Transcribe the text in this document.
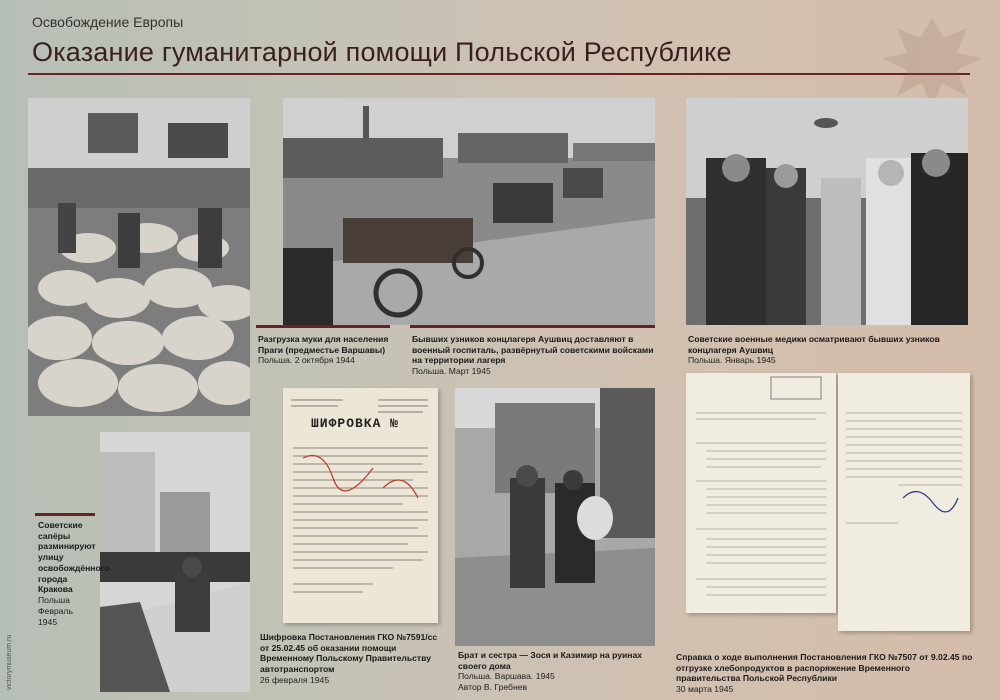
Освобождение Европы
Оказание гуманитарной помощи Польской Республике
ШИФРОВКА №
Разгрузка муки для населения Праги (предместье Варшавы)
Польша. 2 октября 1944
Бывших узников концлагеря Аушвиц доставляют в военный госпиталь, развёрнутый советскими войсками на территории лагеря
Польша. Март 1945
Советские военные медики осматривают бывших узников концлагеря Аушвиц
Польша. Январь 1945
Советские сапёры разминируют улицу освобождённого города Кракова
Польша
Февраль
1945
Шифровка Постановления ГКО №7591/сс от 25.02.45 об оказании помощи Временному Польскому Правительству автотранспортом
26 февраля 1945
Брат и сестра — Зося и Казимир на руинах своего дома
Польша. Варшава. 1945
Автор В. Гребнев
Справка о ходе выполнения Постановления ГКО №7507 от 9.02.45 по отгрузке хлебопродуктов в распоряжение Временного правительства Польской Республики
30 марта 1945
victorymuseum.ru
